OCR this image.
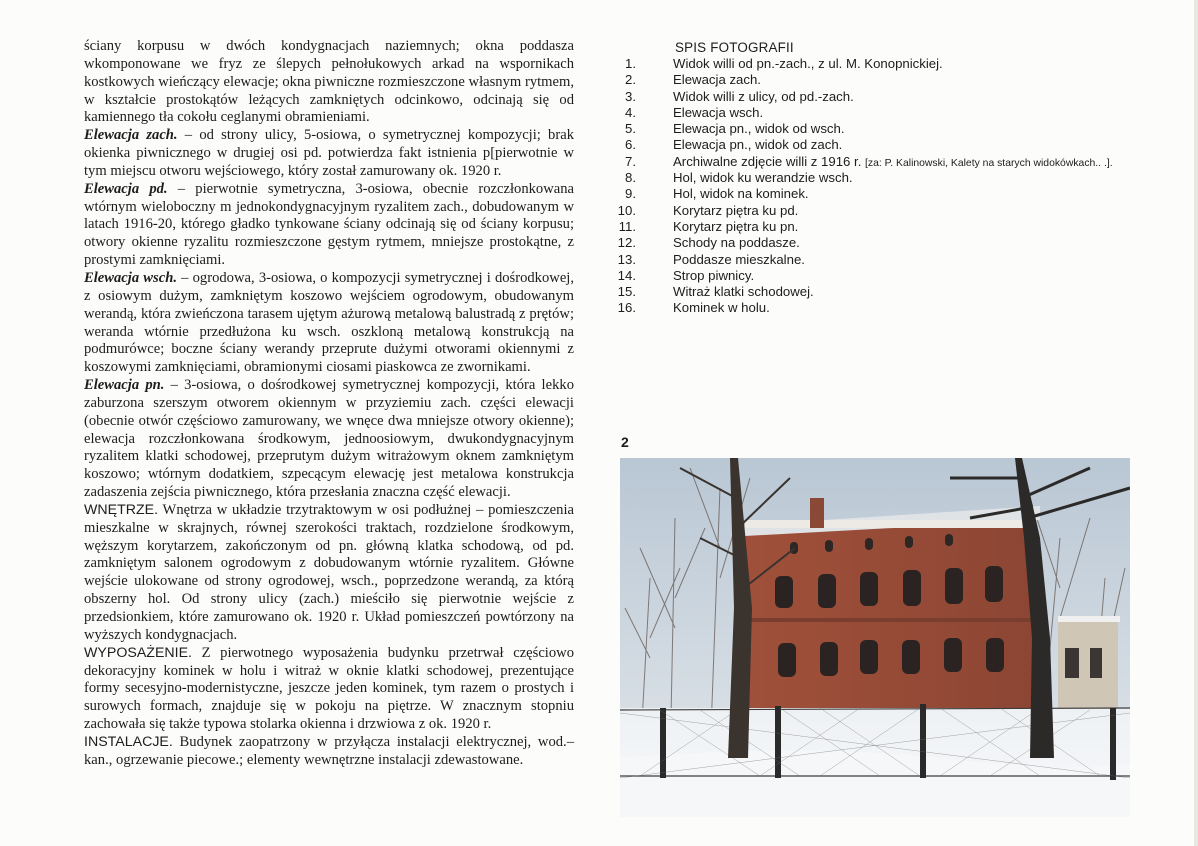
ściany korpusu w dwóch kondygnacjach naziemnych; okna poddasza wkomponowane we fryz ze ślepych pełnołukowych arkad na wspornikach kostkowych wieńczący elewacje; okna piwniczne rozmieszczone własnym rytmem, w kształcie prostokątów leżących zamkniętych odcinkowo, odcinają się od kamiennego tła cokołu ceglanymi obramieniami.

Elewacja zach. – od strony ulicy, 5-osiowa, o symetrycznej kompozycji; brak okienka piwnicznego w drugiej osi pd. potwierdza fakt istnienia p[pierwotnie w tym miejscu otworu wejściowego, który został zamurowany ok. 1920 r.

Elewacja pd. – pierwotnie symetryczna, 3-osiowa, obecnie rozczłonkowana wtórnym wieloboczny m jednokondygnacyjnym ryzalitem zach., dobudowanym w latach 1916-20, którego gładko tynkowane ściany odcinają się od ściany korpusu; otwory okienne ryzalitu rozmieszczone gęstym rytmem, mniejsze prostokątne, z prostymi zamknięciami.

Elewacja wsch. – ogrodowa, 3-osiowa, o kompozycji symetrycznej i dośrodkowej, z osiowym dużym, zamkniętym koszowo wejściem ogrodowym, obudowanym werandą, która zwieńczona tarasem ujętym ażurową metalową balustradą z prętów; weranda wtórnie przedłużona ku wsch. oszkloną metalową konstrukcją na podmurówce; boczne ściany werandy przeprute dużymi otworami okiennymi z koszowymi zamknięciami, obramionymi ciosami piaskowca ze zwornikami.

Elewacja pn. – 3-osiowa, o dośrodkowej symetrycznej kompozycji, która lekko zaburzona szerszym otworem okiennym w przyziemiu zach. części elewacji (obecnie otwór częściowo zamurowany, we wnęce dwa mniejsze otwory okienne); elewacja rozczłonkowana środkowym, jednoosiowym, dwukondygnacyjnym ryzalitem klatki schodowej, przeprutym dużym witrażowym oknem zamkniętym koszowo; wtórnym dodatkiem, szpecącym elewację jest metalowa konstrukcja zadaszenia zejścia piwnicznego, która przesłania znaczna część elewacji.

WNĘTRZE. Wnętrza w układzie trzytraktowym w osi podłużnej – pomieszczenia mieszkalne w skrajnych, równej szerokości traktach, rozdzielone środkowym, węższym korytarzem, zakończonym od pn. główną klatka schodową, od pd. zamkniętym salonem ogrodowym z dobudowanym wtórnie ryzalitem. Główne wejście ulokowane od strony ogrodowej, wsch., poprzedzone werandą, za którą obszerny hol. Od strony ulicy (zach.) mieściło się pierwotnie wejście z przedsionkiem, które zamurowano ok. 1920 r. Układ pomieszczeń powtórzony na wyższych kondygnacjach.

WYPOSAŻENIE. Z pierwotnego wyposażenia budynku przetrwał częściowo dekoracyjny kominek w holu i witraż w oknie klatki schodowej, prezentujące formy secesyjno-modernistyczne, jeszcze jeden kominek, tym razem o prostych i surowych formach, znajduje się w pokoju na piętrze. W znacznym stopniu zachowała się także typowa stolarka okienna i drzwiowa z ok. 1920 r.

INSTALACJE. Budynek zaopatrzony w przyłącza instalacji elektrycznej, wod.–kan., ogrzewanie piecowe.; elementy wewnętrzne instalacji zdewastowane.

SPIS FOTOGRAFII
1.	Widok willi od pn.-zach., z ul. M. Konopnickiej.
2.	Elewacja zach.
3.	Widok willi z ulicy, od pd.-zach.
4.	Elewacja wsch.
5.	Elewacja pn., widok od wsch.
6.	Elewacja pn., widok od zach.
7.	Archiwalne zdjęcie willi z 1916 r. [za: P. Kalinowski, Kalety na starych widokówkach.. .].
8.	Hol, widok ku werandzie wsch.
9.	Hol, widok na kominek.
10.	Korytarz piętra ku pd.
11.	Korytarz piętra ku pn.
12.	Schody na poddasze.
13.	Poddasze mieszkalne.
14.	Strop piwnicy.
15.	Witraż klatki schodowej.
16.	Kominek w holu.
2
